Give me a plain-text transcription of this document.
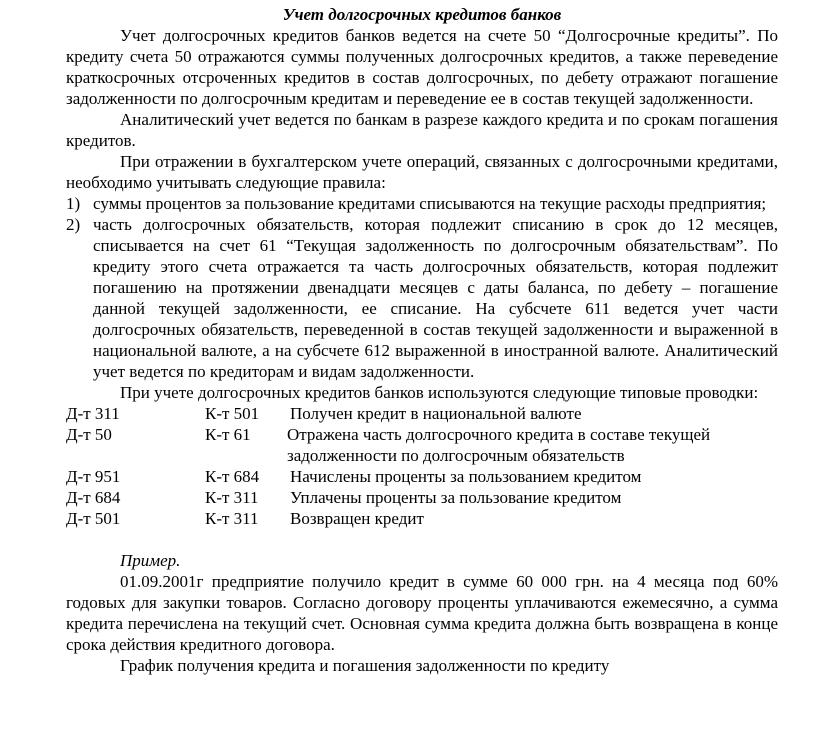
Учет долгосрочных кредитов банков

Учет долгосрочных кредитов банков ведется на счете 50 “Долгосрочные кредиты”. По кредиту счета 50 отражаются суммы полученных долгосрочных кредитов, а также переведение краткосрочных отсроченных кредитов в состав долгосрочных, по дебету отражают погашение задолженности по долгосрочным кредитам и переведение ее в состав текущей задолженности.

Аналитический учет ведется по банкам в разрезе каждого кредита и по срокам погашения кредитов.

При отражении в бухгалтерском учете операций, связанных с долгосрочными кредитами, необходимо учитывать следующие правила:

1) суммы процентов за пользование кредитами списываются на текущие расходы предприятия;
2) часть долгосрочных обязательств, которая подлежит списанию в срок до 12 месяцев, списывается на счет 61 “Текущая задолженность по долгосрочным обязательствам”. По кредиту этого счета отражается та часть долгосрочных обязательств, которая подлежит погашению на протяжении двенадцати месяцев с даты баланса, по дебету – погашение данной текущей задолженности, ее списание. На субсчете 611 ведется учет части долгосрочных обязательств, переведенной в состав текущей задолженности и выраженной в национальной валюте, а на субсчете 612 выраженной в иностранной валюте. Аналитический учет ведется по кредиторам и видам задолженности.

При учете долгосрочных кредитов банков используются следующие типовые проводки:

Д-т 311	К-т 501	Получен кредит в национальной валюте
Д-т 50	К-т 61	Отражена часть долгосрочного кредита в составе текущей задолженности по долгосрочным обязательств
Д-т 951	К-т 684	Начислены проценты за пользованием кредитом
Д-т 684	К-т 311	Уплачены проценты за пользование кредитом
Д-т 501	К-т 311	Возвращен кредит
Пример.

01.09.2001г предприятие получило кредит в сумме 60 000 грн. на 4 месяца под 60% годовых для закупки товаров. Согласно договору проценты уплачиваются ежемесячно, а сумма кредита перечислена на текущий счет. Основная сумма кредита должна быть возвращена в конце срока действия кредитного договора.

График получения кредита и погашения задолженности по кредиту
